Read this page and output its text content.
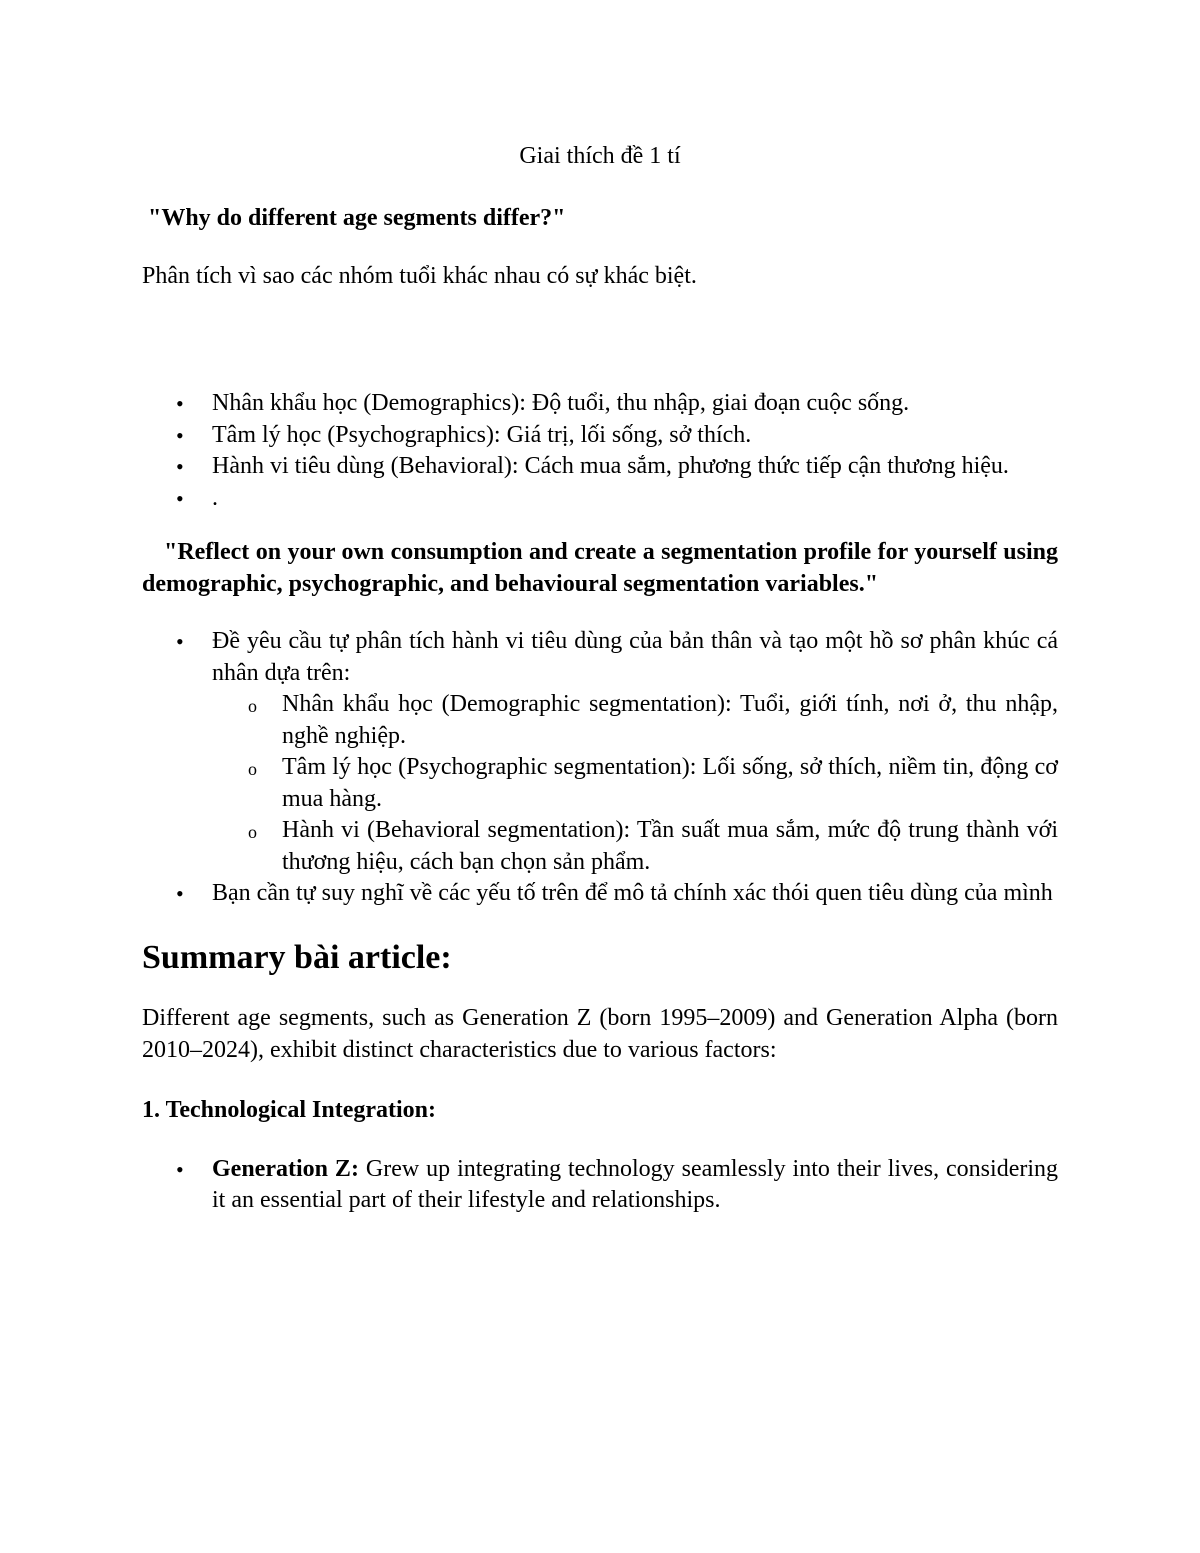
Giai thích đề 1 tí

"Why do different age segments differ?"

Phân tích vì sao các nhóm tuổi khác nhau có sự khác biệt.

• Nhân khẩu học (Demographics): Độ tuổi, thu nhập, giai đoạn cuộc sống.
• Tâm lý học (Psychographics): Giá trị, lối sống, sở thích.
• Hành vi tiêu dùng (Behavioral): Cách mua sắm, phương thức tiếp cận thương hiệu.
• .

"Reflect on your own consumption and create a segmentation profile for yourself using demographic, psychographic, and behavioural segmentation variables."

• Đề yêu cầu tự phân tích hành vi tiêu dùng của bản thân và tạo một hồ sơ phân khúc cá nhân dựa trên:
o Nhân khẩu học (Demographic segmentation): Tuổi, giới tính, nơi ở, thu nhập, nghề nghiệp.
o Tâm lý học (Psychographic segmentation): Lối sống, sở thích, niềm tin, động cơ mua hàng.
o Hành vi (Behavioral segmentation): Tần suất mua sắm, mức độ trung thành với thương hiệu, cách bạn chọn sản phẩm.
• Bạn cần tự suy nghĩ về các yếu tố trên để mô tả chính xác thói quen tiêu dùng của mình
Summary bài article:

Different age segments, such as Generation Z (born 1995–2009) and Generation Alpha (born 2010–2024), exhibit distinct characteristics due to various factors:

1. Technological Integration:

• Generation Z: Grew up integrating technology seamlessly into their lives, considering it an essential part of their lifestyle and relationships.
